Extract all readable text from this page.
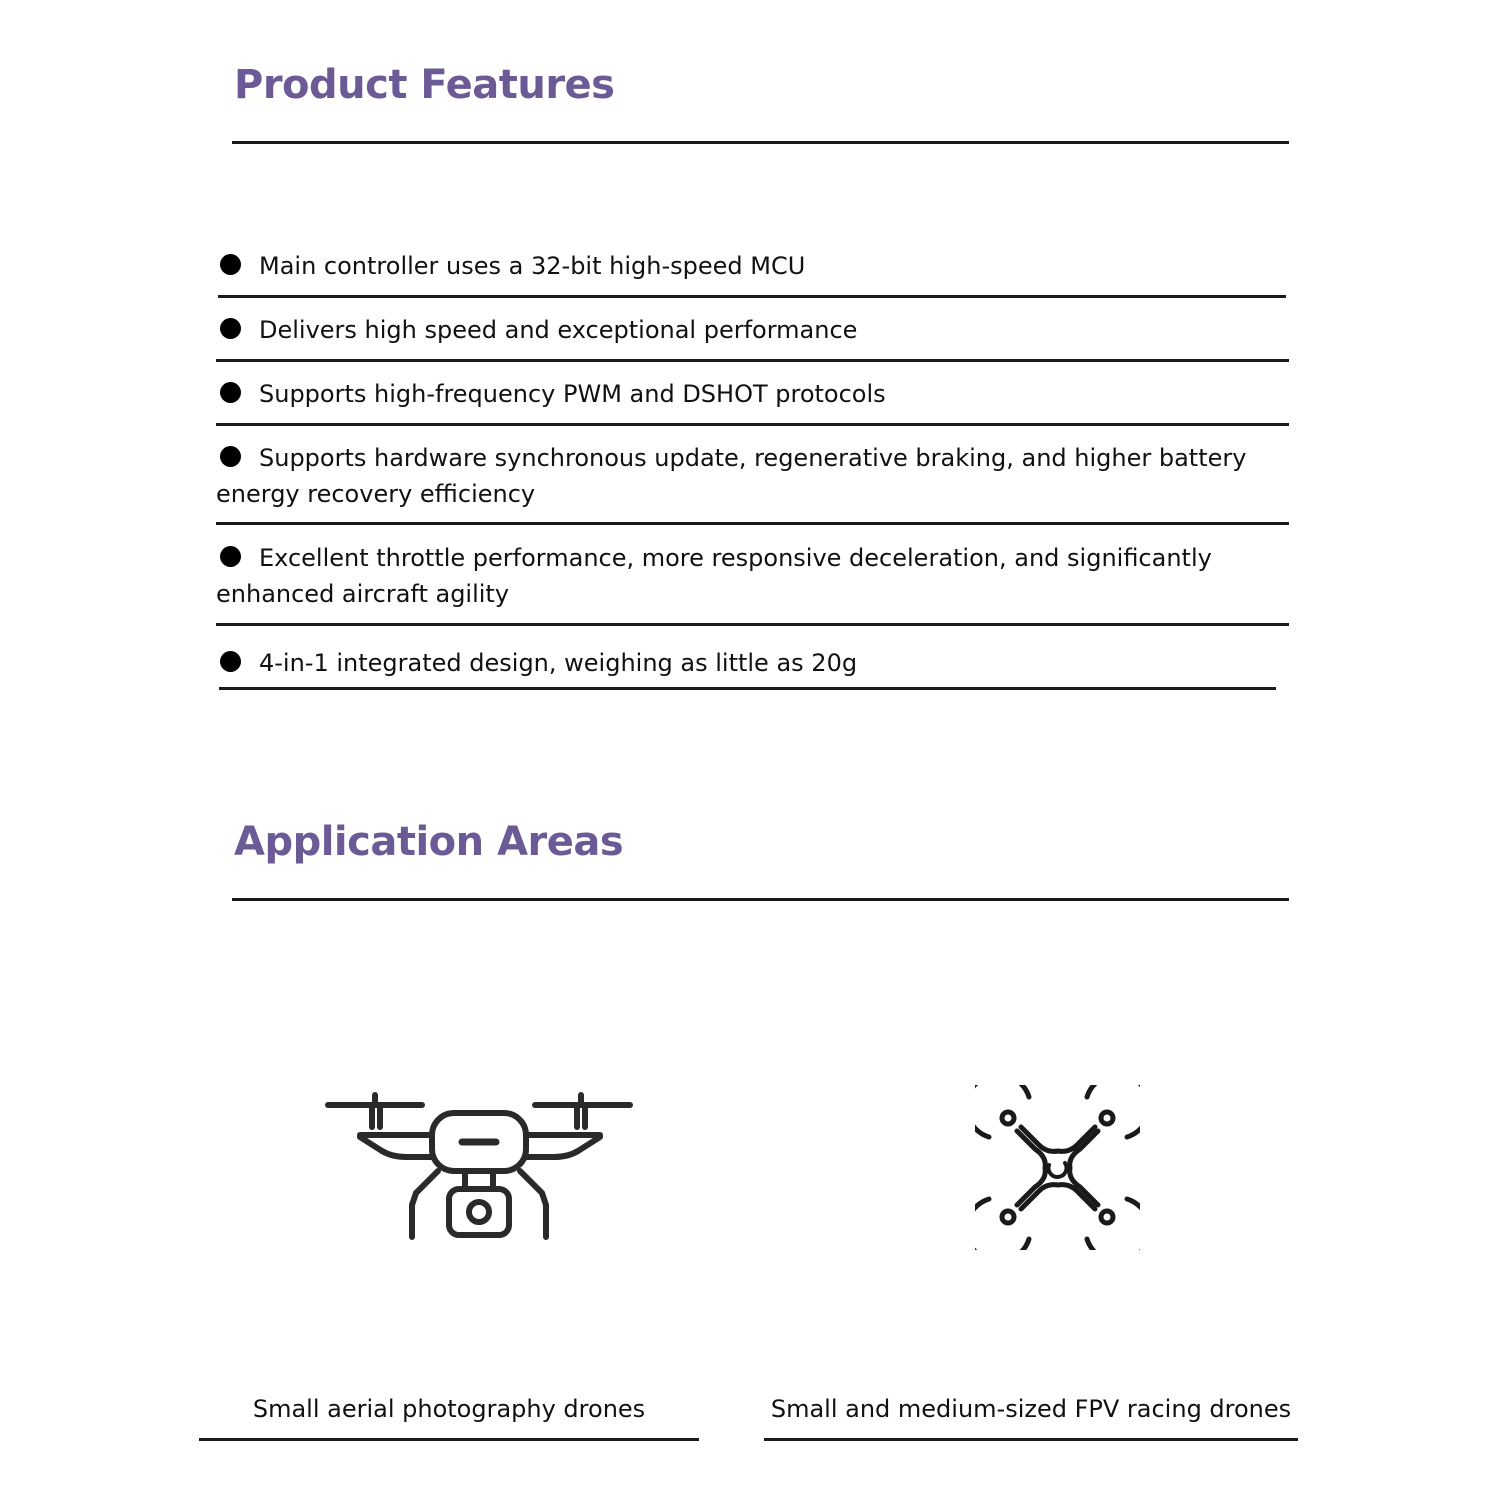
Product Features
Main controller uses a 32-bit high-speed MCU
Delivers high speed and exceptional performance
Supports high-frequency PWM and DSHOT protocols
Supports hardware synchronous update, regenerative braking, and higher battery energy recovery efficiency
Excellent throttle performance, more responsive deceleration, and significantly enhanced aircraft agility
4-in-1 integrated design, weighing as little as 20g
Application Areas
Small aerial photography drones	Small and medium-sized FPV racing drones
